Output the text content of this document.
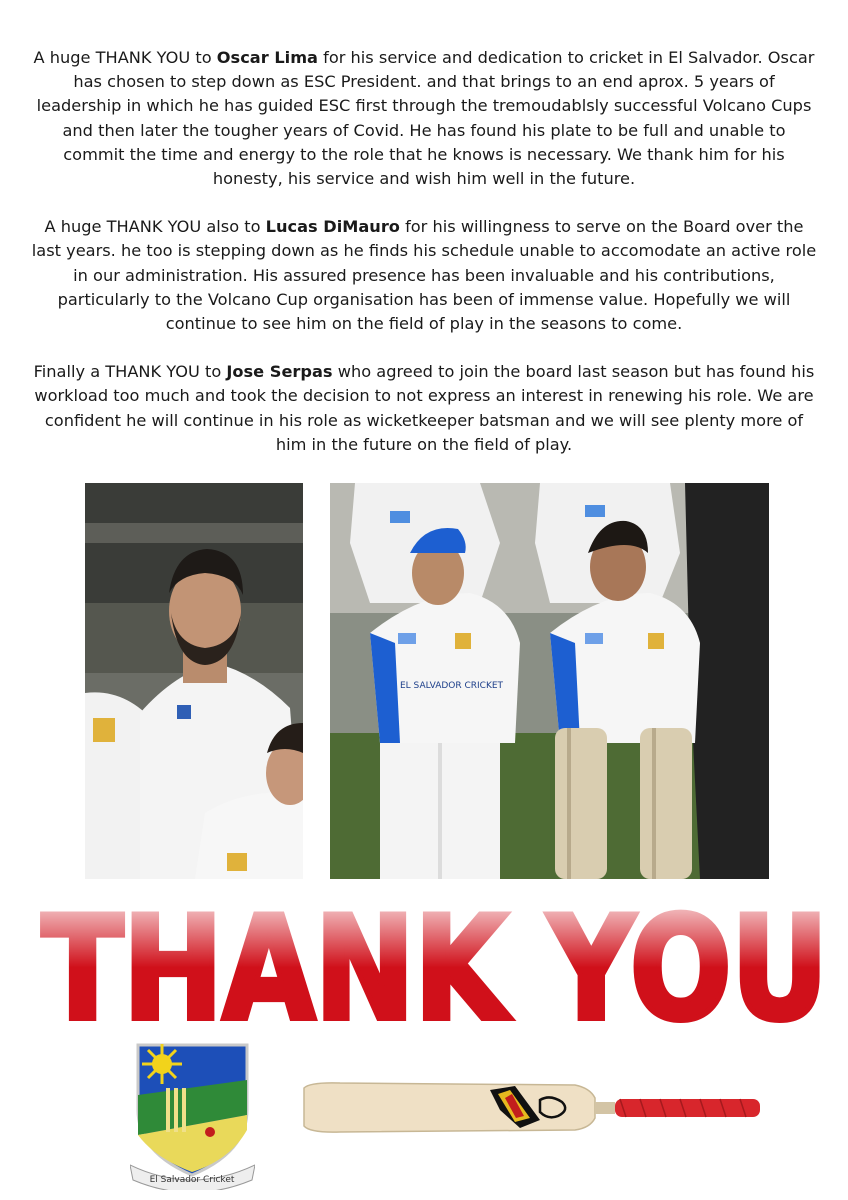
A huge THANK YOU to Oscar Lima for his service and dedication to cricket in El Salvador. Oscar has chosen to step down as ESC President. and that brings to an end aprox. 5 years of leadership in which he has guided ESC first through the tremoudablsly successful Volcano Cups and then later the tougher years of Covid. He has found his plate to be full and unable to commit the time and energy to the role that he knows is necessary. We thank him for his honesty, his service and wish him well in the future.

A huge THANK YOU also to Lucas DiMauro for his willingness to serve on the Board over the last years. he too is stepping down as he finds his schedule unable to accomodate an active role in our administration. His assured presence has been invaluable and his contributions, particularly to the Volcano Cup organisation has been of immense value. Hopefully we will continue to see him on the field of play in the seasons to come.

Finally a THANK YOU to Jose Serpas who agreed to join the board last season but has found his workload too much and took the decision to not express an interest in renewing his role. We are confident he will continue in his role as wicketkeeper batsman and we will see plenty more of him in the future on the field of play.

EL SALVADOR CRICKET
El Salvador Cricket
